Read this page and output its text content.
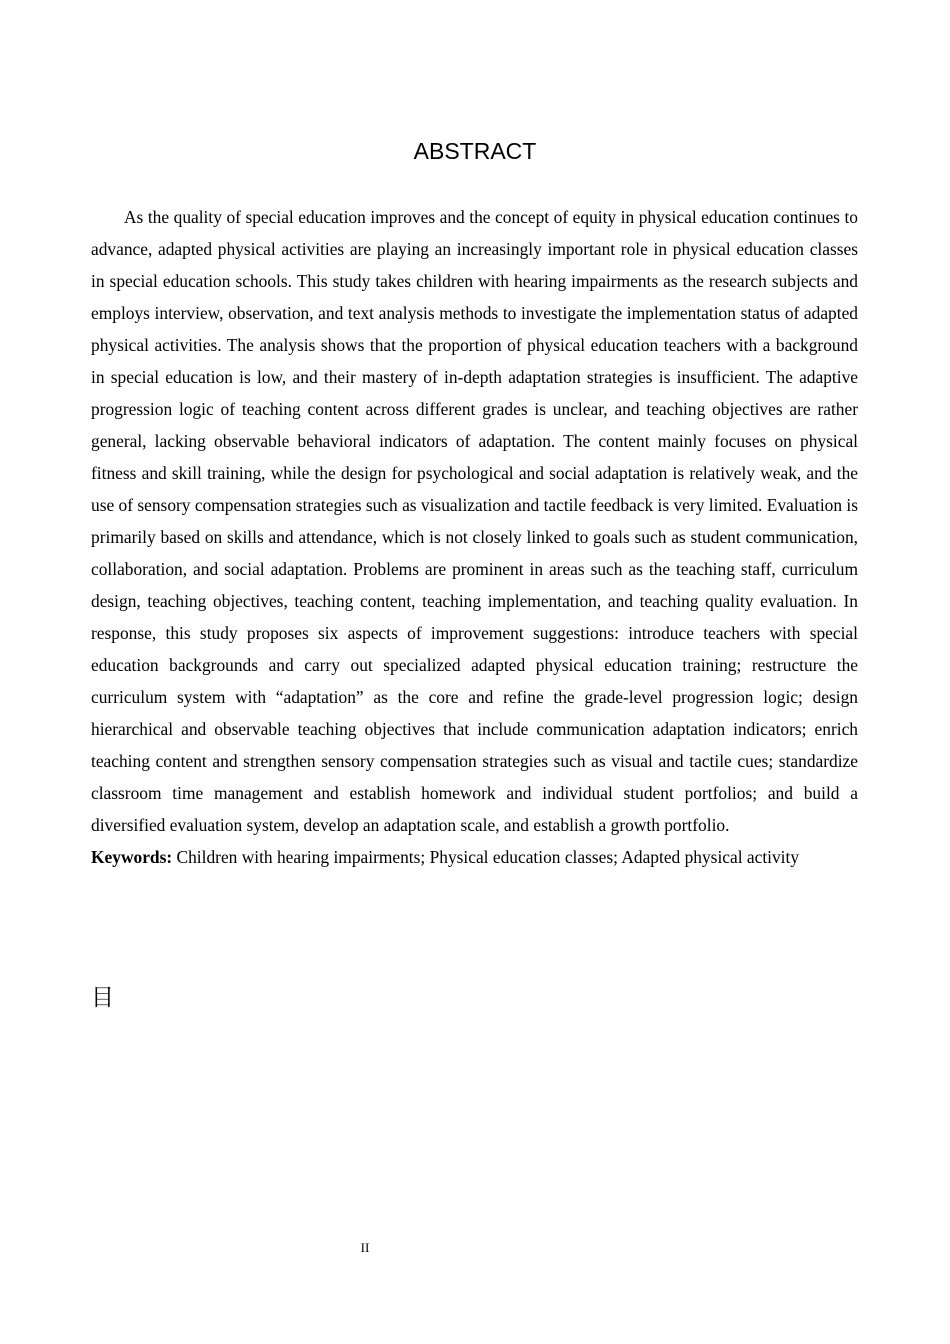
ABSTRACT

As the quality of special education improves and the concept of equity in physical education continues to advance, adapted physical activities are playing an increasingly important role in physical education classes in special education schools. This study takes children with hearing impairments as the research subjects and employs interview, observation, and text analysis methods to investigate the implementation status of adapted physical activities. The analysis shows that the proportion of physical education teachers with a background in special education is low, and their mastery of in-depth adaptation strategies is insufficient. The adaptive progression logic of teaching content across different grades is unclear, and teaching objectives are rather general, lacking observable behavioral indicators of adaptation. The content mainly focuses on physical fitness and skill training, while the design for psychological and social adaptation is relatively weak, and the use of sensory compensation strategies such as visualization and tactile feedback is very limited. Evaluation is primarily based on skills and attendance, which is not closely linked to goals such as student communication, collaboration, and social adaptation. Problems are prominent in areas such as the teaching staff, curriculum design, teaching objectives, teaching content, teaching implementation, and teaching quality evaluation. In response, this study proposes six aspects of improvement suggestions: introduce teachers with special education backgrounds and carry out specialized adapted physical education training; restructure the curriculum system with “adaptation” as the core and refine the grade-level progression logic; design hierarchical and observable teaching objectives that include communication adaptation indicators; enrich teaching content and strengthen sensory compensation strategies such as visual and tactile cues; standardize classroom time management and establish homework and individual student portfolios; and build a diversified evaluation system, develop an adaptation scale, and establish a growth portfolio.

Keywords: Children with hearing impairments; Physical education classes; Adapted physical activity

目
II
